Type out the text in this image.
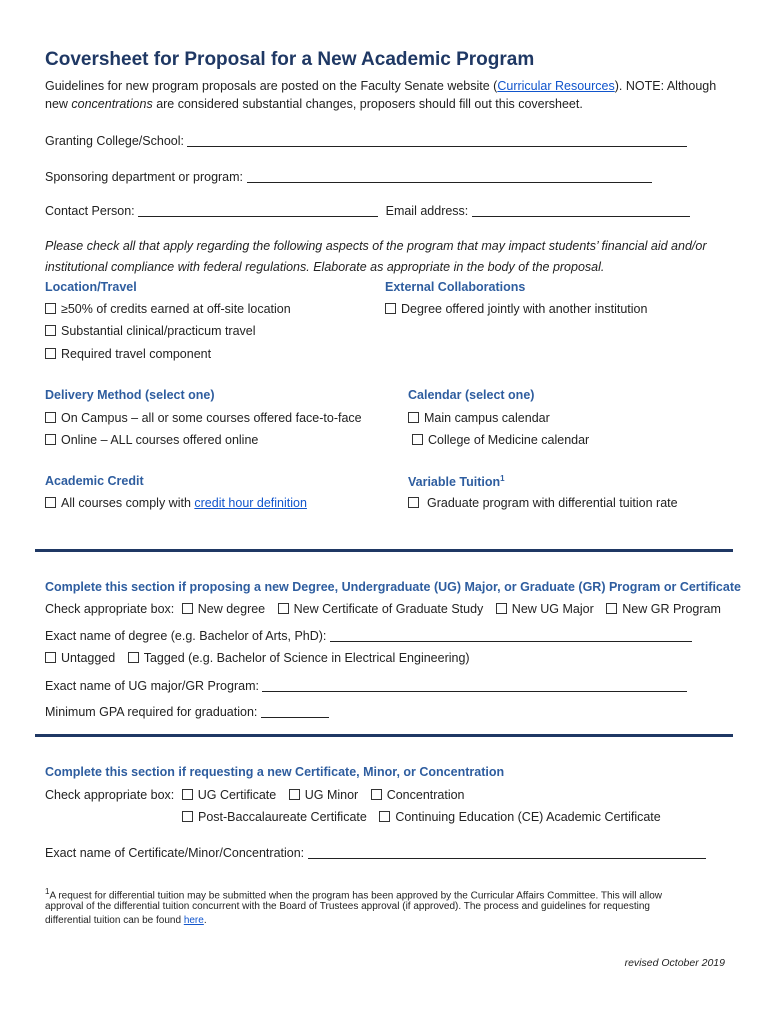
Coversheet for Proposal for a New Academic Program
Guidelines for new program proposals are posted on the Faculty Senate website (Curricular Resources). NOTE: Although
new concentrations are considered substantial changes, proposers should fill out this coversheet.
Granting College/School:
Sponsoring department or program:
Contact Person:	Email address:
Please check all that apply regarding the following aspects of the program that may impact students’ financial aid and/or
institutional compliance with federal regulations. Elaborate as appropriate in the body of the proposal.
Location/Travel
≥50% of credits earned at off-site location
Substantial clinical/practicum travel
Required travel component
External Collaborations
Degree offered jointly with another institution
Delivery Method (select one)
On Campus – all or some courses offered face-to-face
Online – ALL courses offered online
Calendar (select one)
Main campus calendar
College of Medicine calendar
Academic Credit
All courses comply with credit hour definition
Variable Tuition$^1$
Graduate program with differential tuition rate
Complete this section if proposing a new Degree, Undergraduate (UG) Major, or Graduate (GR) Program or Certificate
Check appropriate box: New degree New Certificate of Graduate Study New UG Major New GR Program
Exact name of degree (e.g. Bachelor of Arts, PhD):
Untagged Tagged (e.g. Bachelor of Science in Electrical Engineering)
Exact name of UG major/GR Program:
Minimum GPA required for graduation:
Complete this section if requesting a new Certificate, Minor, or Concentration
Check appropriate box: UG Certificate UG Minor Concentration
Post-Baccalaureate Certificate Continuing Education (CE) Academic Certificate
Exact name of Certificate/Minor/Concentration:
$^1$A request for differential tuition may be submitted when the program has been approved by the Curricular Affairs Committee. This will allow
approval of the differential tuition concurrent with the Board of Trustees approval (if approved). The process and guidelines for requesting
differential tuition can be found here.
revised October 2019
